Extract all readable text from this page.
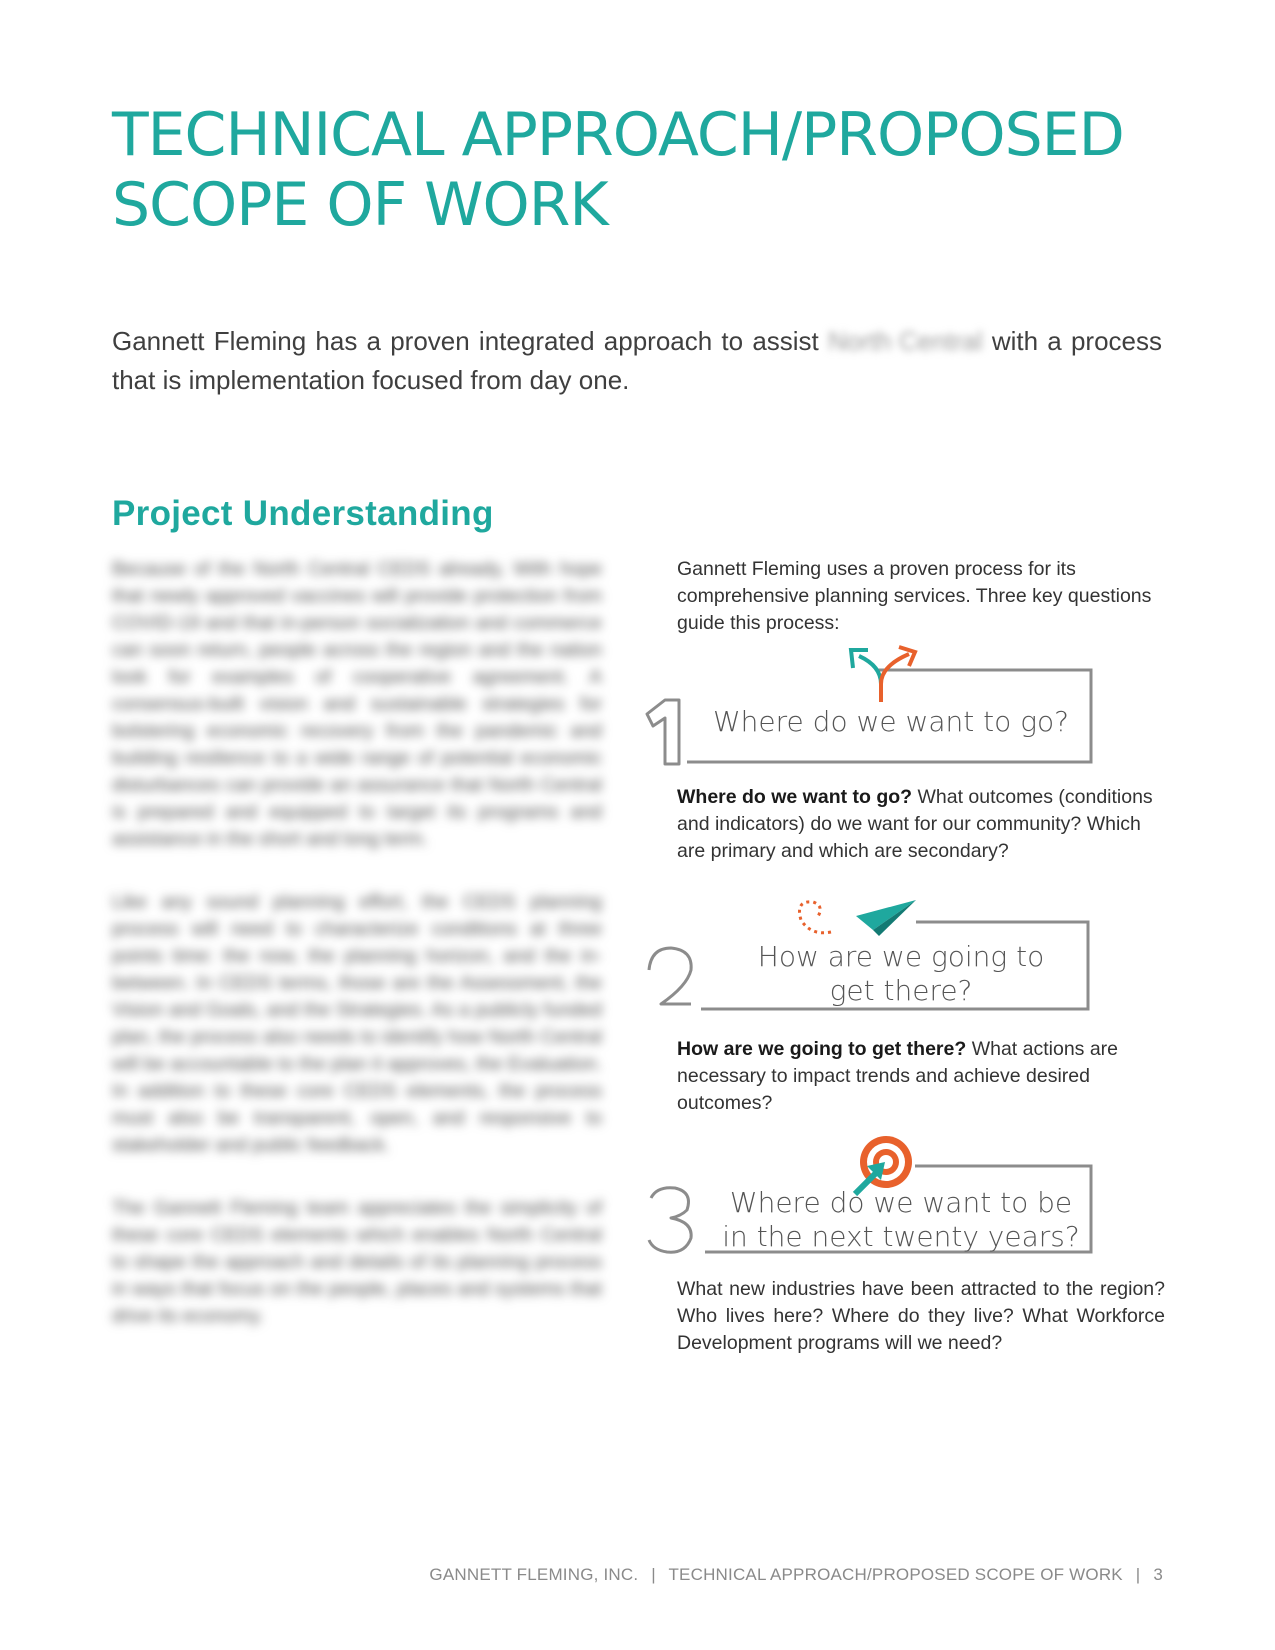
TECHNICAL APPROACH/PROPOSED
SCOPE OF WORK

Gannett Fleming has a proven integrated approach to assist North Central with a process that is implementation focused from day one.

Project Understanding

Because of the North Central CEDS already, With hope that newly approved vaccines will provide protection from COVID-19 and that in-person socialization and commerce can soon return, people across the region and the nation look for examples of cooperative agreement. A consensus-built vision and sustainable strategies for bolstering economic recovery from the pandemic and building resilience to a wide range of potential economic disturbances can provide an assurance that North Central is prepared and equipped to target its programs and assistance in the short and long term.

Like any sound planning effort, the CEDS planning process will need to characterize conditions at three points time: the now, the planning horizon, and the in-between. In CEDS terms, those are the Assessment, the Vision and Goals, and the Strategies. As a publicly funded plan, the process also needs to identify how North Central will be accountable to the plan it approves, the Evaluation. In addition to these core CEDS elements, the process must also be transparent, open, and responsive to stakeholder and public feedback.

The Gannett Fleming team appreciates the simplicity of these core CEDS elements which enables North Central to shape the approach and details of its planning process in ways that focus on the people, places and systems that drive its economy.

Gannett Fleming uses a proven process for its comprehensive planning services. Three key questions guide this process:

Where do we want to go?

Where do we want to go? What outcomes (conditions and indicators) do we want for our community? Which are primary and which are secondary?

How are we going to
get there?

How are we going to get there? What actions are necessary to impact trends and achieve desired outcomes?

Where do we want to be
in the next twenty years?

What new industries have been attracted to the region? Who lives here? Where do they live? What Workforce Development programs will we need?

GANNETT FLEMING, INC. | TECHNICAL APPROACH/PROPOSED SCOPE OF WORK | 3
